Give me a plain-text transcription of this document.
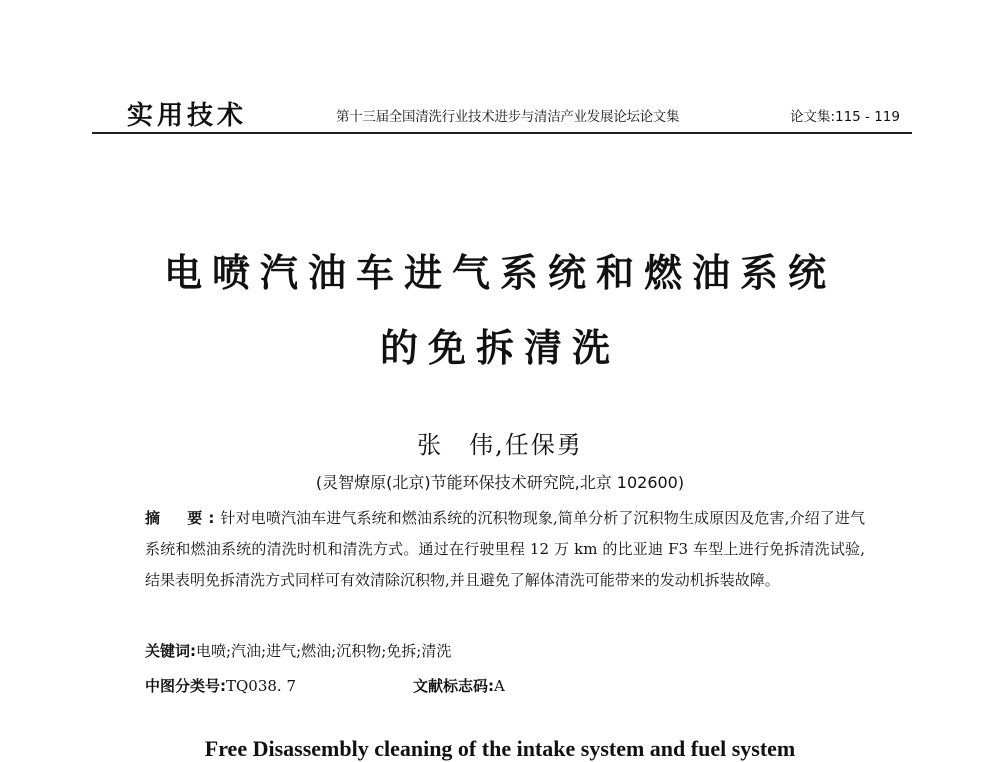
实用技术	第十三届全国清洗行业技术进步与清洁产业发展论坛论文集	论文集:115 - 119
电喷汽油车进气系统和燃油系统
的免拆清洗
张　伟,任保勇
(灵智燎原(北京)节能环保技术研究院,北京 102600)
摘　要:针对电喷汽油车进气系统和燃油系统的沉积物现象,简单分析了沉积物生成原因及危害,介绍了进气系统和燃油系统的清洗时机和清洗方式。通过在行驶里程 12 万 km 的比亚迪 F3 车型上进行免拆清洗试验,结果表明免拆清洗方式同样可有效清除沉积物,并且避免了解体清洗可能带来的发动机拆装故障。
关键词:电喷;汽油;进气;燃油;沉积物;免拆;清洗
中图分类号:TQ038. 7	文献标志码:A
Free Disassembly cleaning of the intake system and fuel system
